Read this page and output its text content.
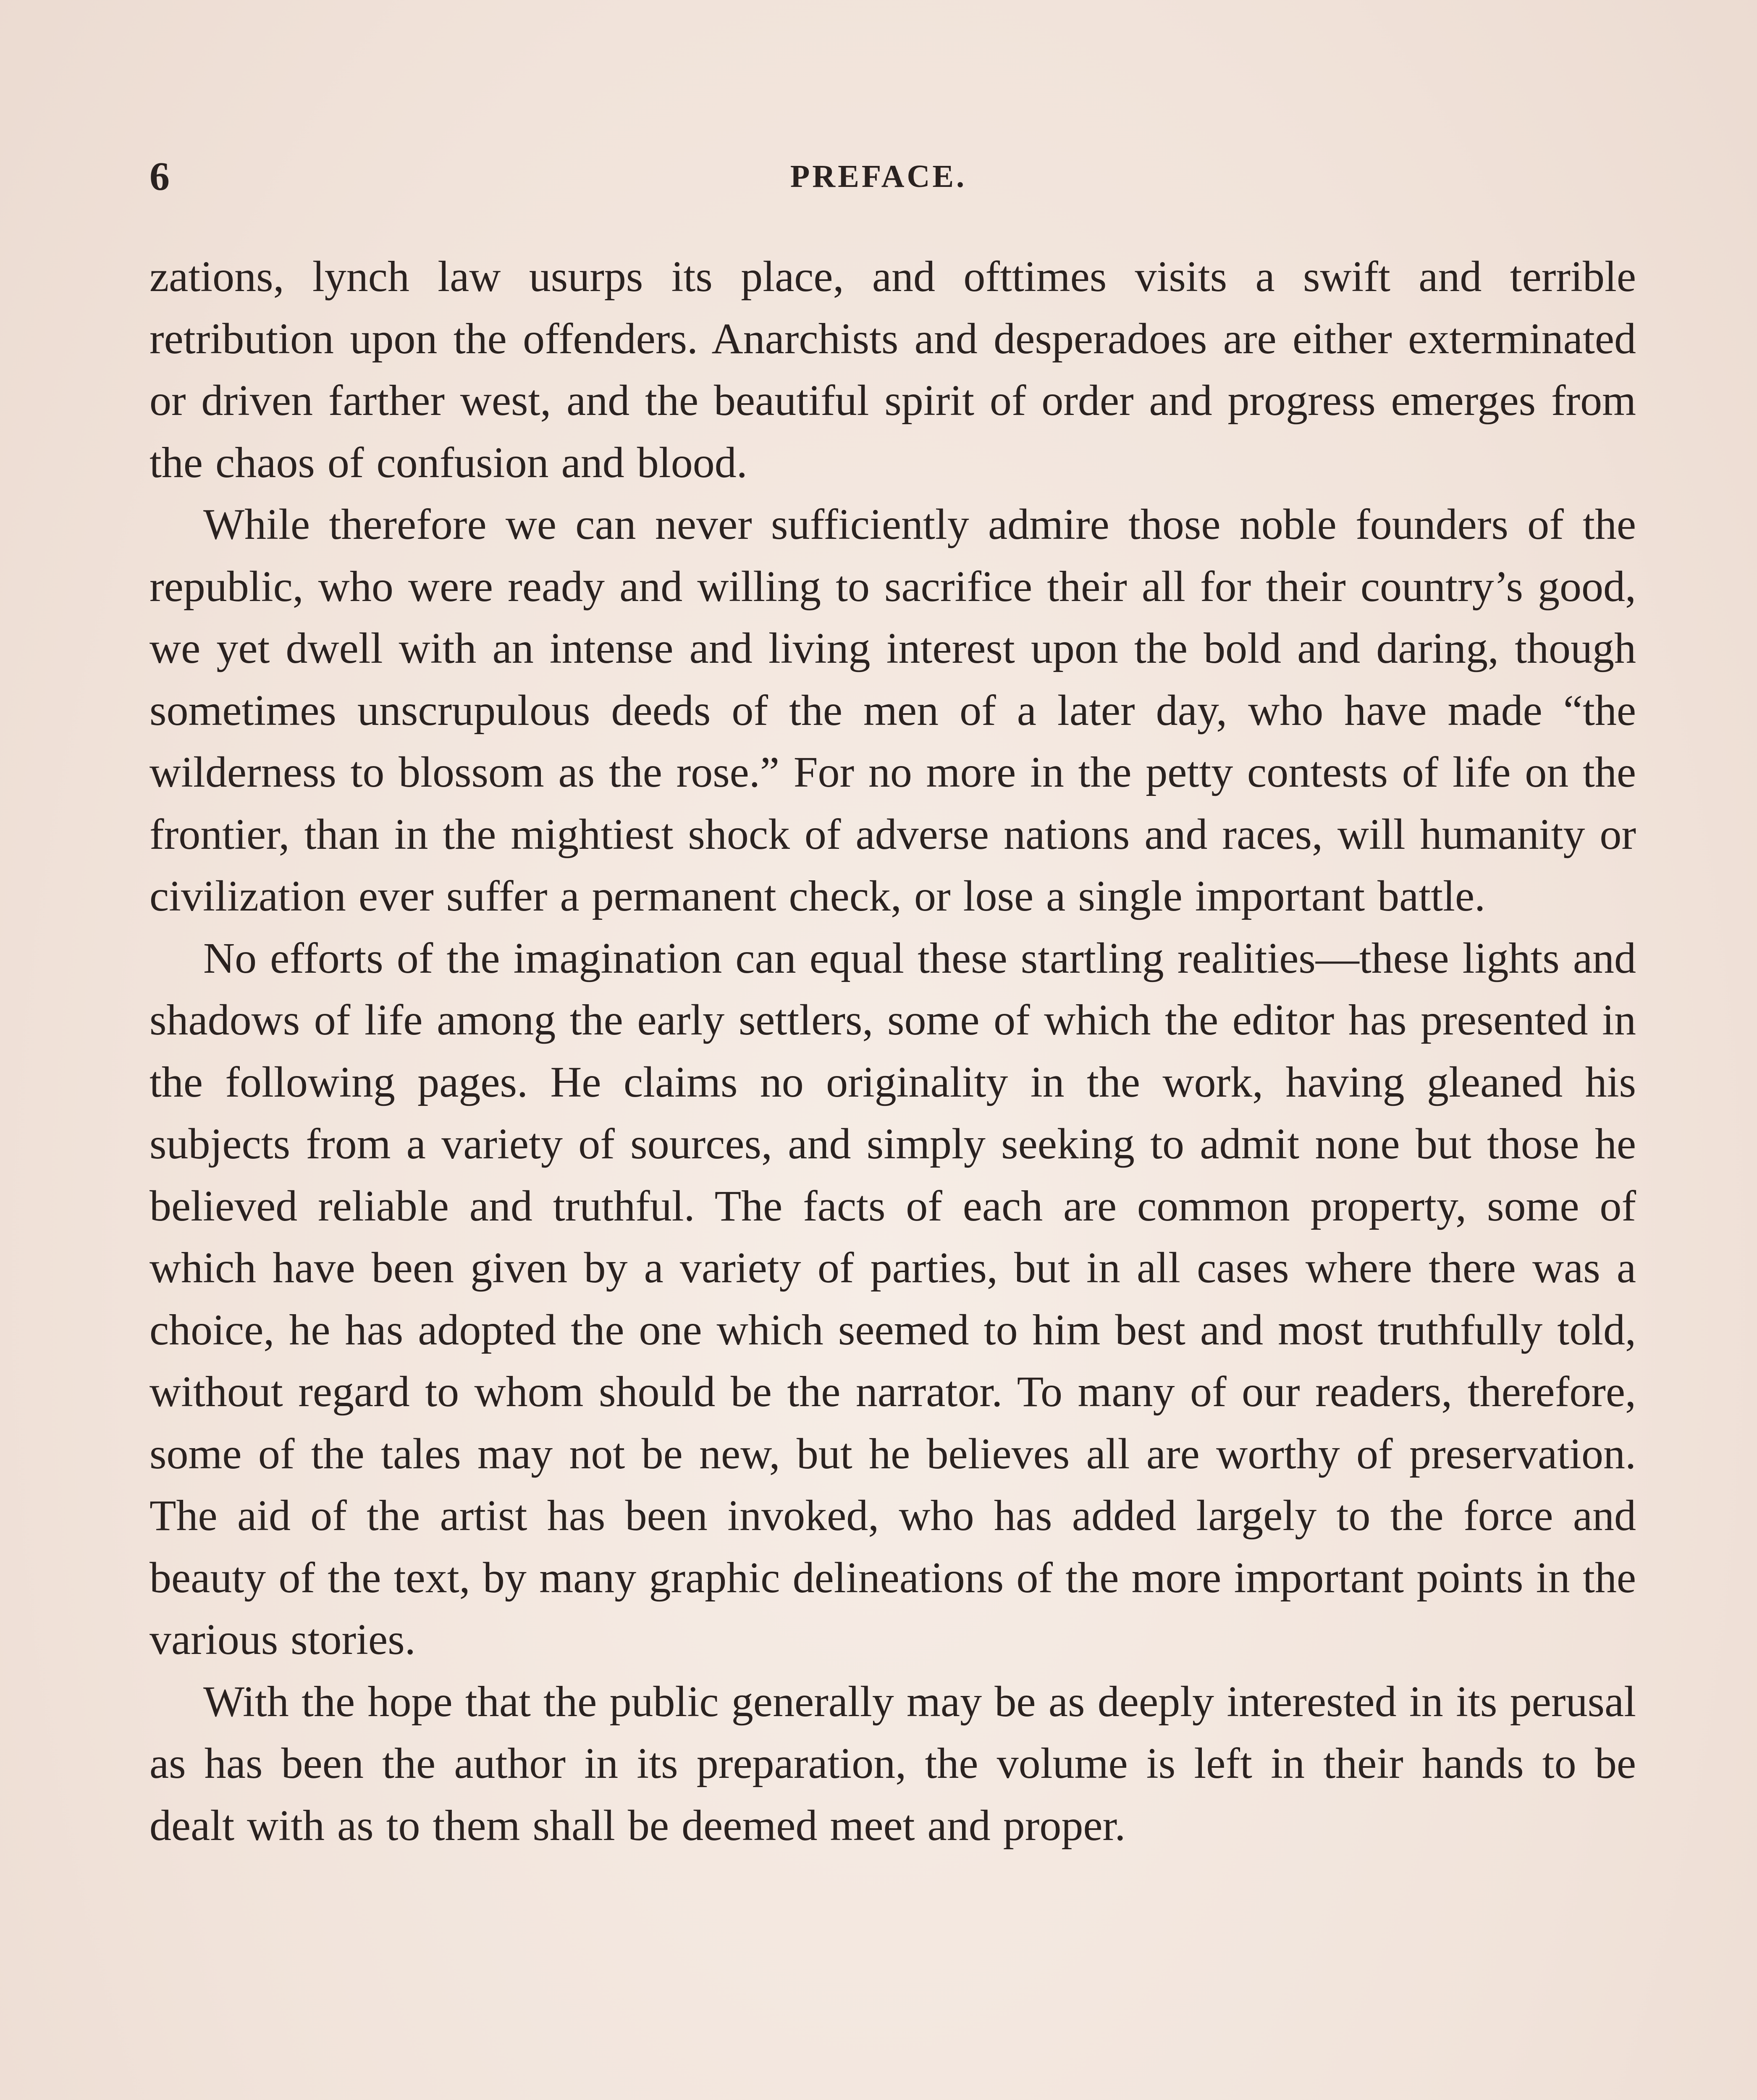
6	PREFACE.

zations, lynch law usurps its place, and ofttimes visits a swift and terrible retribution upon the offenders. Anarchists and desperadoes are either exterminated or driven farther west, and the beautiful spirit of order and progress emerges from the chaos of confusion and blood.

While therefore we can never sufficiently admire those noble founders of the republic, who were ready and willing to sacrifice their all for their country’s good, we yet dwell with an intense and living interest upon the bold and daring, though sometimes unscrupulous deeds of the men of a later day, who have made “the wilderness to blossom as the rose.” For no more in the petty contests of life on the frontier, than in the mightiest shock of adverse nations and races, will humanity or civilization ever suffer a permanent check, or lose a single important battle.

No efforts of the imagination can equal these startling realities—these lights and shadows of life among the early settlers, some of which the editor has presented in the following pages. He claims no originality in the work, having gleaned his subjects from a variety of sources, and simply seeking to admit none but those he believed reliable and truthful. The facts of each are common property, some of which have been given by a variety of parties, but in all cases where there was a choice, he has adopted the one which seemed to him best and most truthfully told, without regard to whom should be the narrator. To many of our readers, therefore, some of the tales may not be new, but he believes all are worthy of preservation. The aid of the artist has been invoked, who has added largely to the force and beauty of the text, by many graphic delineations of the more important points in the various stories.

With the hope that the public generally may be as deeply interested in its perusal as has been the author in its preparation, the volume is left in their hands to be dealt with as to them shall be deemed meet and proper.
